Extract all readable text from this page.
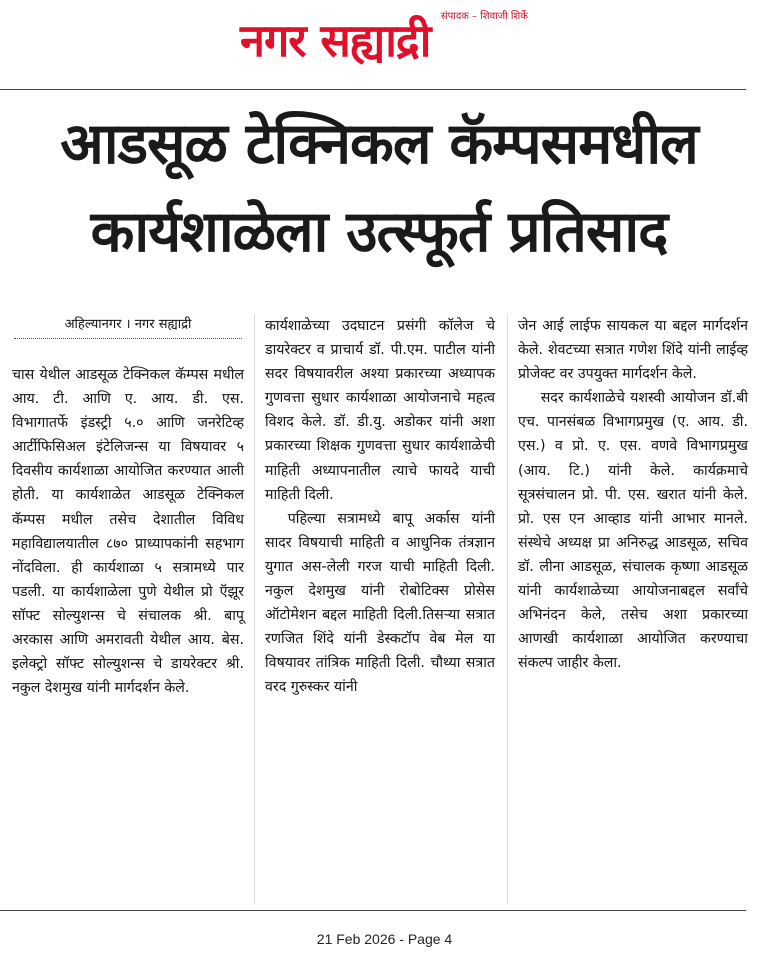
संपादक – शिवाजी शिर्के
नगर सह्याद्री
आडसूळ टेक्निकल कॅम्पसमधील
कार्यशाळेला उत्स्फूर्त प्रतिसाद
अहिल्यानगर । नगर सह्याद्री

चास येथील आडसूळ टेक्निकल कॅम्पस मधील आय. टी. आणि ए. आय. डी. एस. विभागातर्फे इंडस्ट्री ५.० आणि जनरेटिव्ह आर्टीफिसिअल इंटेलिजन्स या विषयावर ५ दिवसीय कार्यशाळा आयोजित करण्यात आली होती. या कार्यशाळेत आडसूळ टेक्निकल कॅम्पस मधील तसेच देशातील विविध महाविद्यालयातील ८७० प्राध्यापकांनी सहभाग नोंदविला. ही कार्यशाळा ५ सत्रामध्ये पार पडली. या कार्यशाळेला पुणे येथील प्रो ऍझूर सॉफ्ट सोल्युशन्स चे संचालक श्री. बापू अरकास आणि अमरावती येथील आय. बेस. इलेक्ट्रो सॉफ्ट सोल्युशन्स चे डायरेक्टर श्री. नकुल देशमुख यांनी मार्गदर्शन केले.

कार्यशाळेच्या उदघाटन प्रसंगी कॉलेज चे डायरेक्टर व प्राचार्य डॉ. पी.एम. पाटील यांनी सदर विषयावरील अश्या प्रकारच्या अध्यापक गुणवत्ता सुधार कार्यशाळा आयोजनाचे महत्व विशद केले. डॉ. डी.यु. अडोकर यांनी अशा प्रकारच्या शिक्षक गुणवत्ता सुधार कार्यशाळेची माहिती अध्यापनातील त्याचे फायदे याची माहिती दिली.

पहिल्या सत्रामध्ये बापू अर्कास यांनी सादर विषयाची माहिती व आधुनिक तंत्रज्ञान युगात अस-लेली गरज याची माहिती दिली. नकुल देशमुख यांनी रोबोटिक्स प्रोसेस ऑटोमेशन बद्दल माहिती दिली.तिसऱ्या सत्रात रणजित शिंदे यांनी डेस्कटॉप वेब मेल या विषयावर तांत्रिक माहिती दिली. चौथ्या सत्रात वरद गुरुस्कर यांनी

जेन आई लाईफ सायकल या बद्दल मार्गदर्शन केले. शेवटच्या सत्रात गणेश शिंदे यांनी लाईव्ह प्रोजेक्ट वर उपयुक्त मार्गदर्शन केले.

सदर कार्यशाळेचे यशस्वी आयोजन डॉ.बी एच. पानसंबळ विभागप्रमुख (ए. आय. डी. एस.) व प्रो. ए. एस. वणवे विभागप्रमुख (आय. टि.) यांनी केले. कार्यक्रमाचे सूत्रसंचालन प्रो. पी. एस. खरात यांनी केले. प्रो. एस एन आव्हाड यांनी आभार मानले. संस्थेचे अध्यक्ष प्रा अनिरुद्ध आडसूळ, सचिव डॉ. लीना आडसूळ, संचालक कृष्णा आडसूळ यांनी कार्यशाळेच्या आयोजनाबद्दल सर्वांचे अभिनंदन केले, तसेच अशा प्रकारच्या आणखी कार्यशाळा आयोजित करण्याचा संकल्प जाहीर केला.

21 Feb 2026 - Page 4
